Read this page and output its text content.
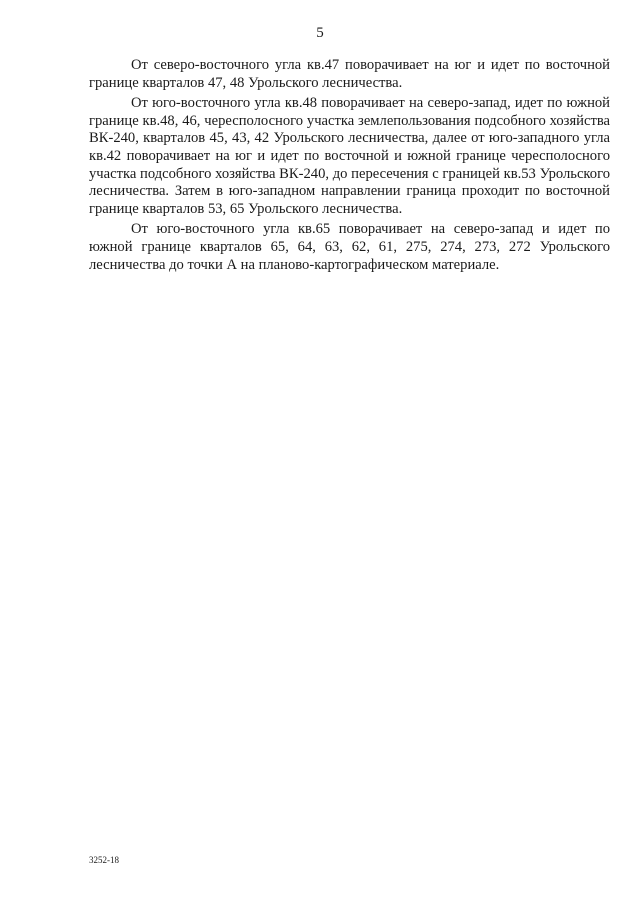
5

От северо-восточного угла кв.47 поворачивает на юг и идет по восточной границе кварталов 47, 48 Урольского лесничества.

От юго-восточного угла кв.48 поворачивает на северо-запад, идет по южной границе кв.48, 46, чересполосного участка землепользования подсобного хозяйства ВК-240, кварталов 45, 43, 42 Урольского лесничества, далее от юго-западного угла кв.42 поворачивает на юг и идет по восточной и южной границе чересполосного участка подсобного хозяйства ВК-240, до пересечения с границей кв.53 Урольского лесничества. Затем в юго-западном направлении граница проходит по восточной границе кварталов 53, 65 Урольского лесничества.

От юго-восточного угла кв.65 поворачивает на северо-запад и идет по южной границе кварталов 65, 64, 63, 62, 61, 275, 274, 273, 272 Урольского лесничества до точки А на планово-картографическом материале.

3252-18
